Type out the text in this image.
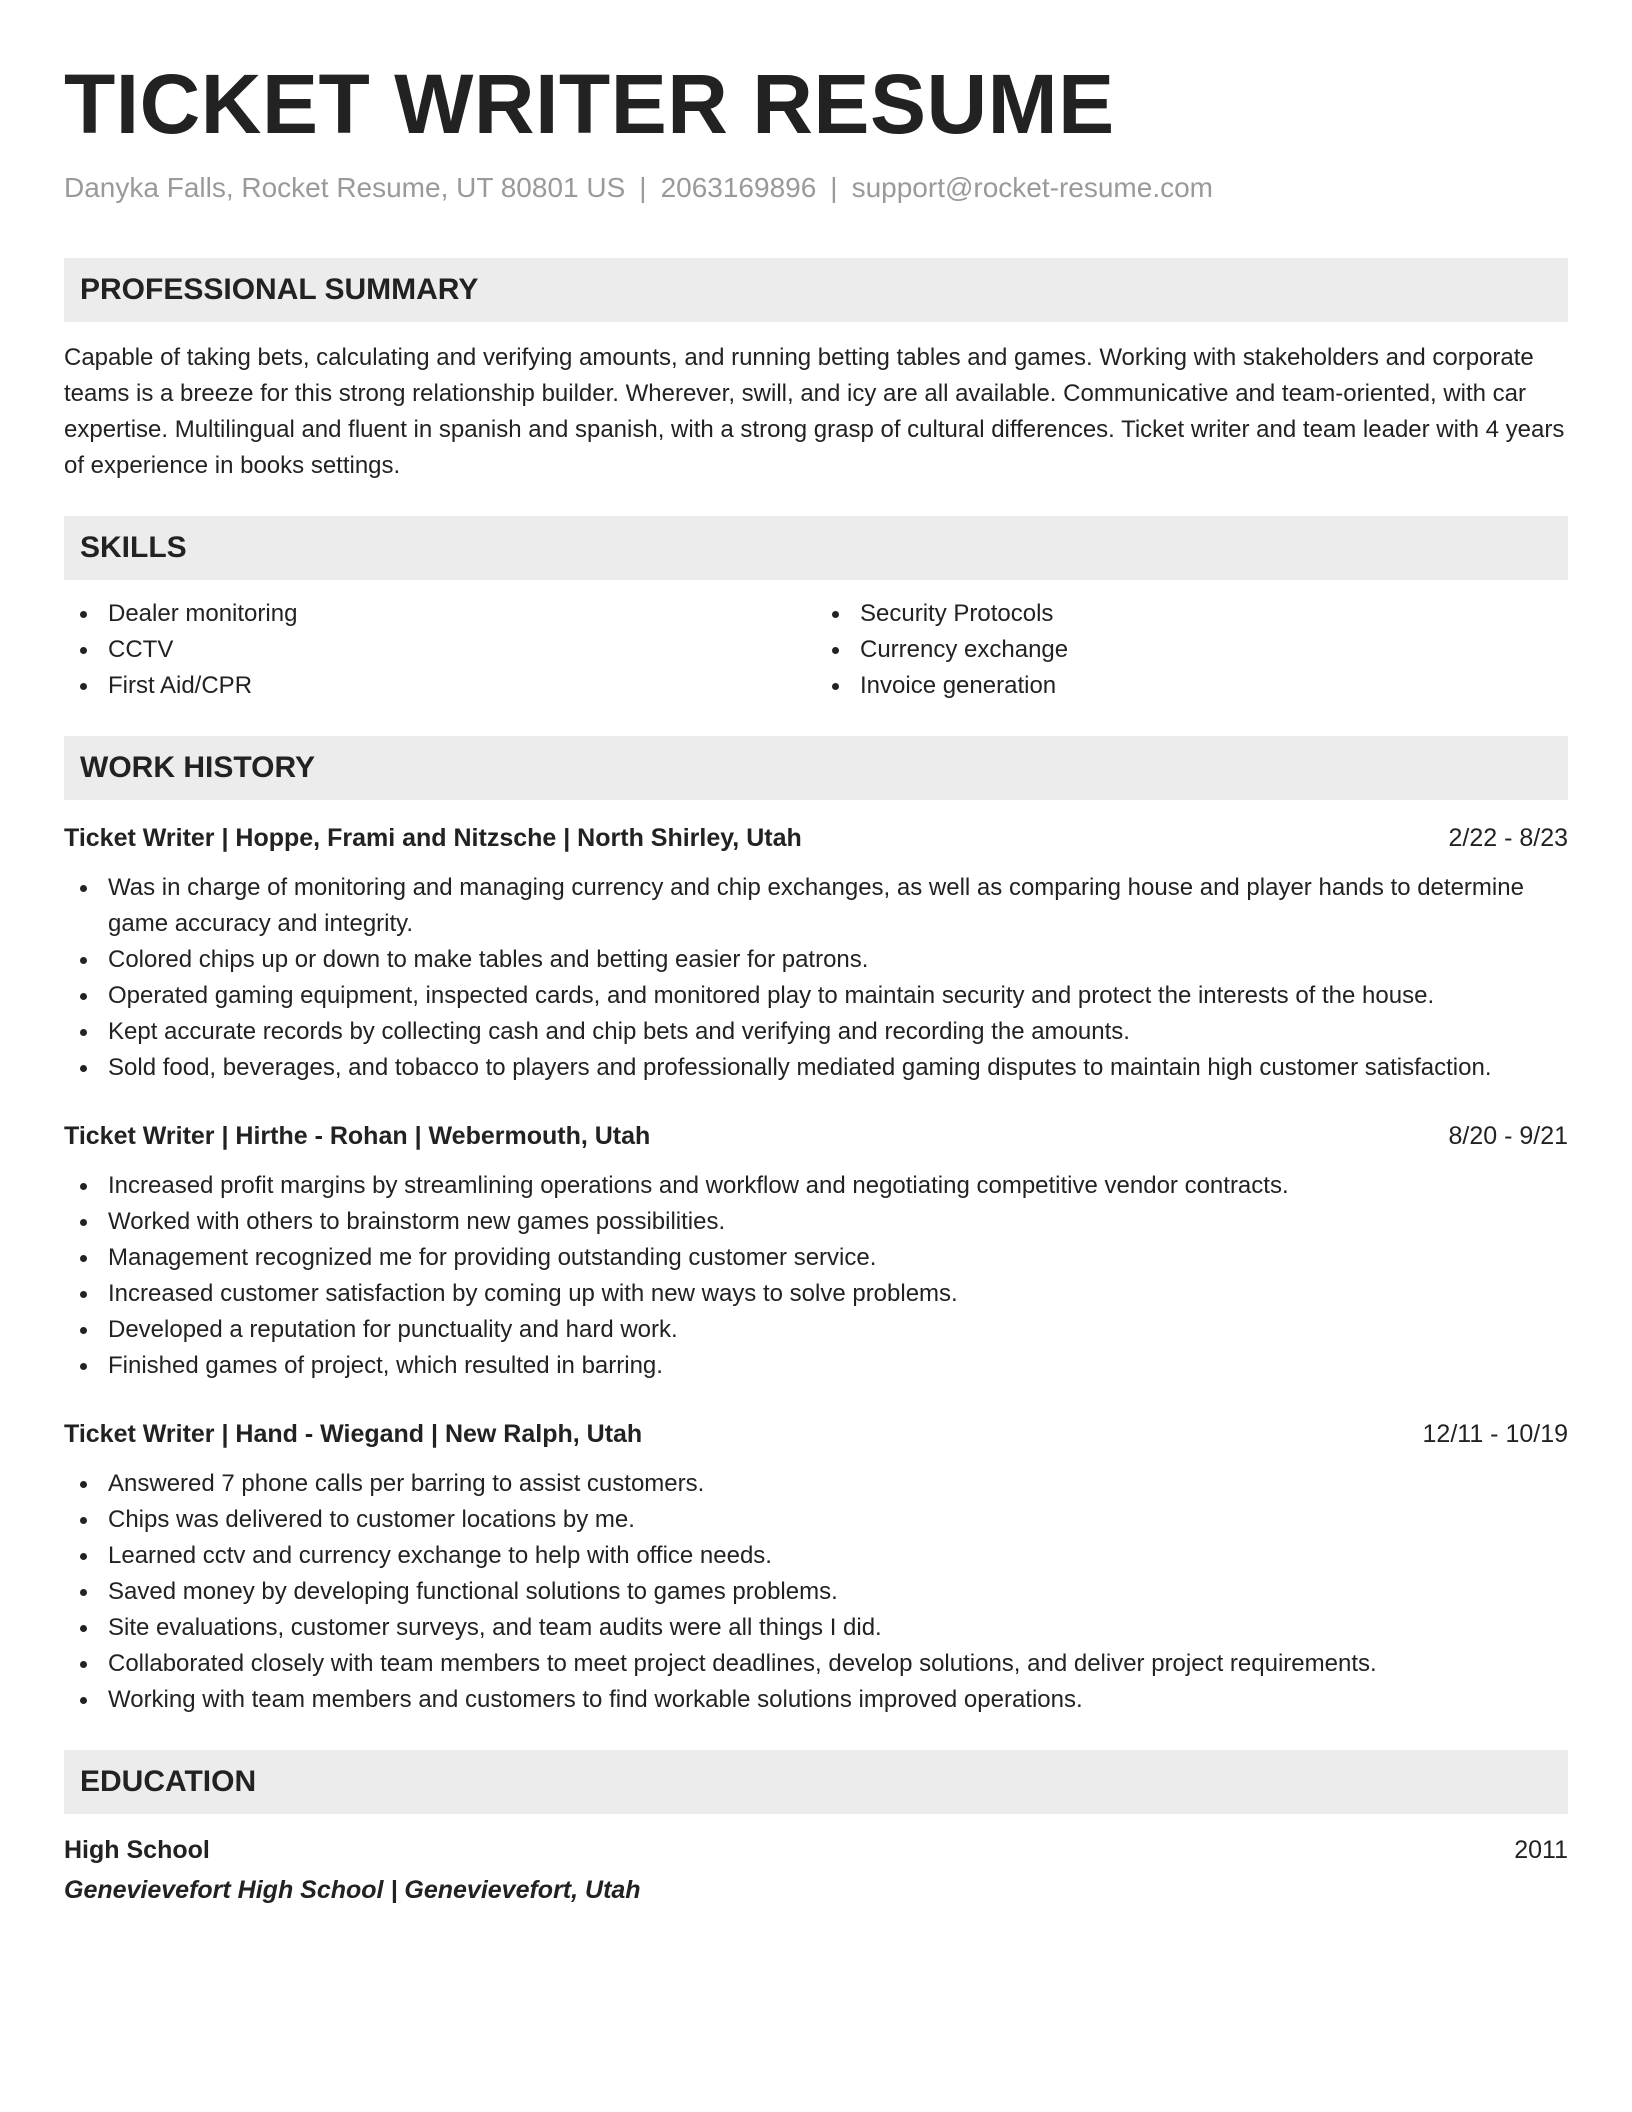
TICKET WRITER RESUME
Danyka Falls, Rocket Resume, UT 80801 US | 2063169896 | support@rocket-resume.com
PROFESSIONAL SUMMARY

Capable of taking bets, calculating and verifying amounts, and running betting tables and games. Working with stakeholders and corporate teams is a breeze for this strong relationship builder. Wherever, swill, and icy are all available. Communicative and team-oriented, with car expertise. Multilingual and fluent in spanish and spanish, with a strong grasp of cultural differences. Ticket writer and team leader with 4 years of experience in books settings.

SKILLS
Dealer monitoring
CCTV
First Aid/CPR
Security Protocols
Currency exchange
Invoice generation
WORK HISTORY
Ticket Writer | Hoppe, Frami and Nitzsche | North Shirley, Utah	2/22 - 8/23
Was in charge of monitoring and managing currency and chip exchanges, as well as comparing house and player hands to determine game accuracy and integrity.
Colored chips up or down to make tables and betting easier for patrons.
Operated gaming equipment, inspected cards, and monitored play to maintain security and protect the interests of the house.
Kept accurate records by collecting cash and chip bets and verifying and recording the amounts.
Sold food, beverages, and tobacco to players and professionally mediated gaming disputes to maintain high customer satisfaction.
Ticket Writer | Hirthe - Rohan | Webermouth, Utah	8/20 - 9/21
Increased profit margins by streamlining operations and workflow and negotiating competitive vendor contracts.
Worked with others to brainstorm new games possibilities.
Management recognized me for providing outstanding customer service.
Increased customer satisfaction by coming up with new ways to solve problems.
Developed a reputation for punctuality and hard work.
Finished games of project, which resulted in barring.
Ticket Writer | Hand - Wiegand | New Ralph, Utah	12/11 - 10/19
Answered 7 phone calls per barring to assist customers.
Chips was delivered to customer locations by me.
Learned cctv and currency exchange to help with office needs.
Saved money by developing functional solutions to games problems.
Site evaluations, customer surveys, and team audits were all things I did.
Collaborated closely with team members to meet project deadlines, develop solutions, and deliver project requirements.
Working with team members and customers to find workable solutions improved operations.
EDUCATION
High School	2011
Genevievefort High School | Genevievefort, Utah
